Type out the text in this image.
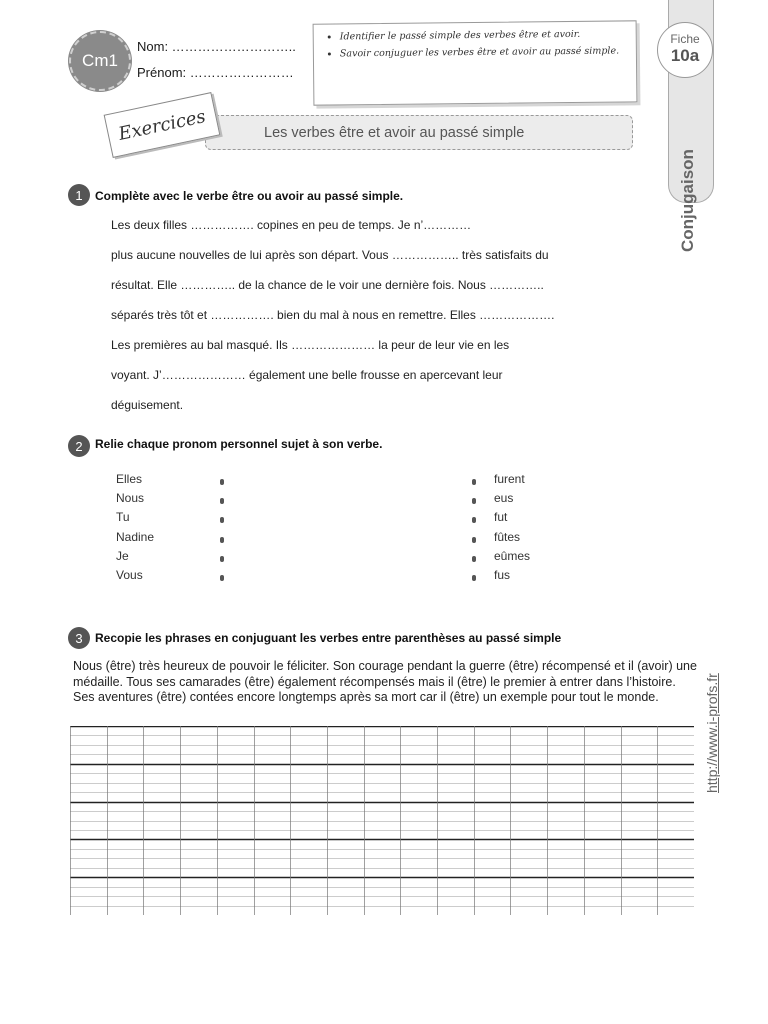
Cm1
Nom: ………………………..
Prénom: ……………………
• Identifier le passé simple des verbes être et avoir.
• Savoir conjuguer les verbes être et avoir au passé simple.
Conjugaison
Fiche
10a
Les verbes être et avoir au passé simple
Exercices
1	Complète avec le verbe être ou avoir au passé simple.
Les deux filles ……………. copines en peu de temps. Je n’…………
plus aucune nouvelles de lui après son départ. Vous …………….. très satisfaits du
résultat. Elle ………….. de la chance de le voir une dernière fois. Nous …………..
séparés très tôt et ……………. bien du mal à nous en remettre. Elles ……………….
Les premières au bal masqué. Ils ………………… la peur de leur vie en les
voyant. J’………………… également une belle frousse en apercevant leur
déguisement.
2	Relie chaque pronom personnel sujet à son verbe.
Elles
Nous
Tu
Nadine
Je
Vous
furent
eus
fut
fûtes
eûmes
fus
3	Recopie les phrases en conjuguant les verbes entre parenthèses au passé simple
Nous (être) très heureux de pouvoir le féliciter. Son courage pendant la guerre (être) récompensé et il (avoir) une médaille. Tous ses camarades (être) également récompensés mais il (être) le premier à entrer dans l’histoire. Ses aventures (être) contées encore longtemps après sa mort car il (être) un exemple pour tout le monde.	http://www.i-profs.fr
